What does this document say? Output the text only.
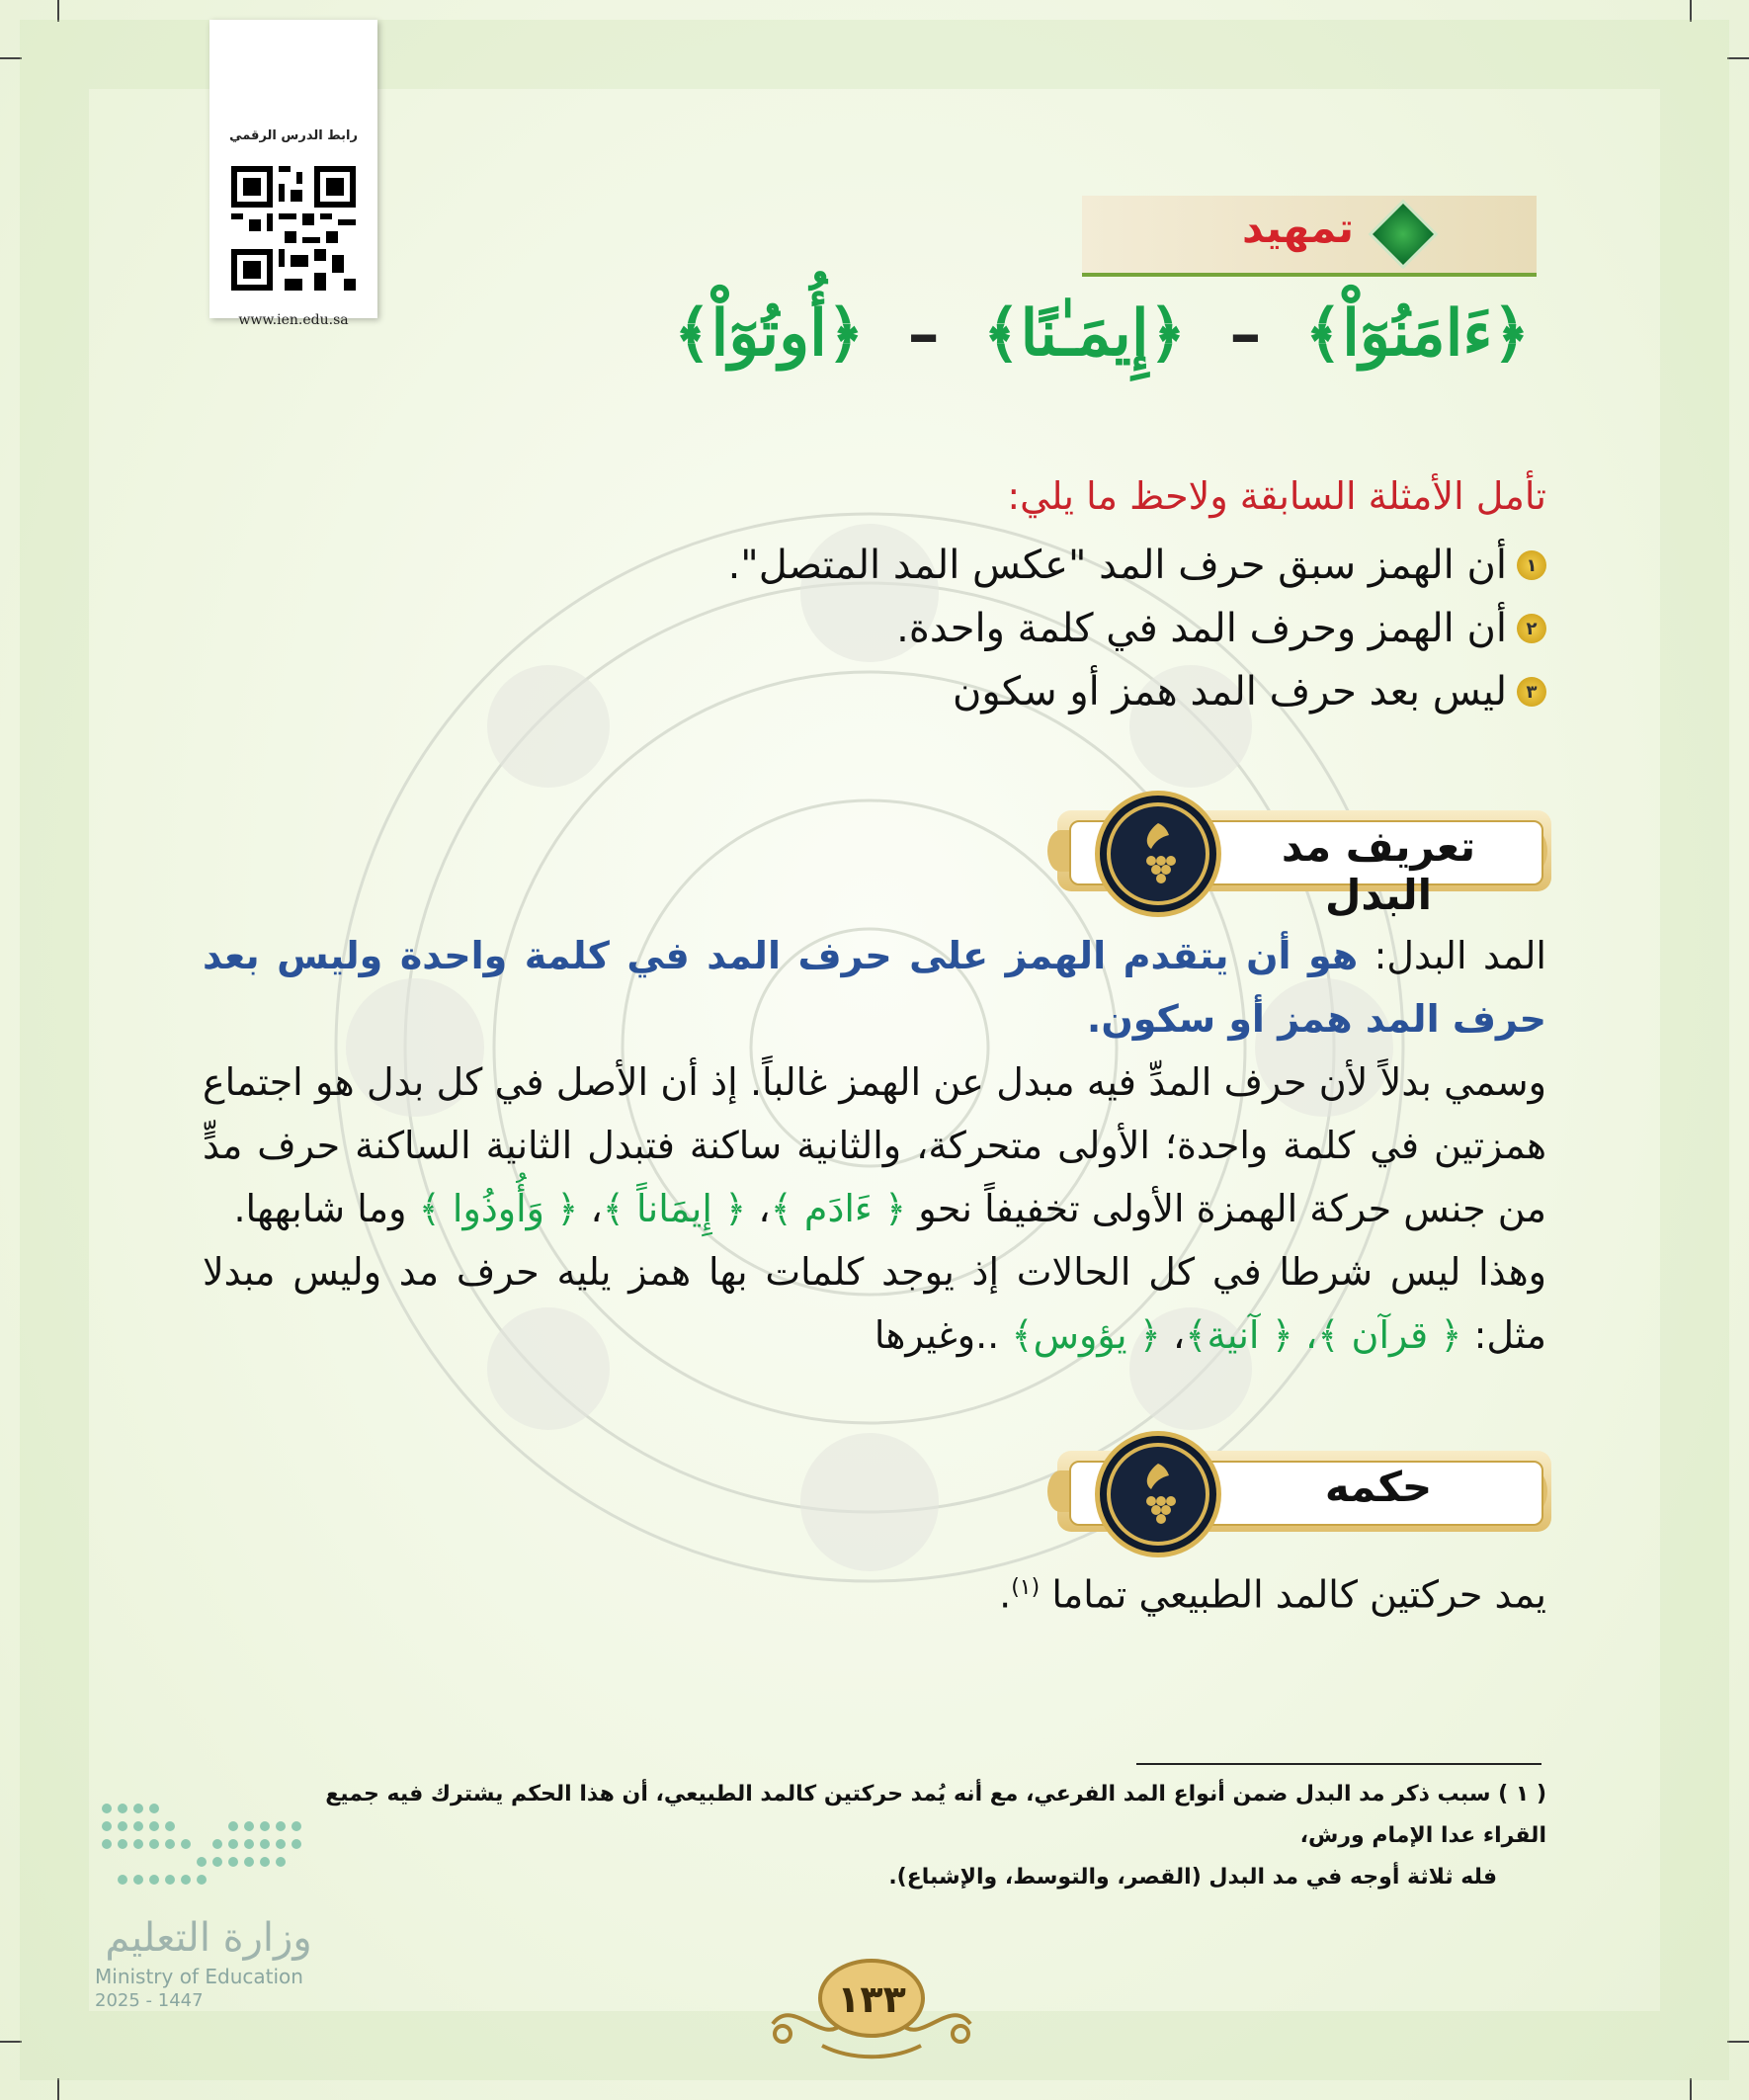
رابط الدرس الرقمي
www.ien.edu.sa
تمهيد
﴿ءَامَنُوٓاْ﴾ – ﴿إِيمَـٰنًا﴾ – ﴿أُوتُوٓاْ﴾
تأمل الأمثلة السابقة ولاحظ ما يلي:
١
أن الهمز سبق حرف المد "عكس المد المتصل".
٢
أن الهمز وحرف المد في كلمة واحدة.
٣
ليس بعد حرف المد همز أو سكون
تعريف مد البدل

المد البدل: هو أن يتقدم الهمز على حرف المد في كلمة واحدة وليس بعد حرف المد همز أو سكون.

وسمي بدلاً لأن حرف المدِّ فيه مبدل عن الهمز غالباً. إذ أن الأصل في كل بدل هو اجتماع همزتين في كلمة واحدة؛ الأولى متحركة، والثانية ساكنة فتبدل الثانية الساكنة حرف مدٍّ من جنس حركة الهمزة الأولى تخفيفاً نحو ﴿ ءَادَم ﴾، ﴿ إِيمَاناً ﴾، ﴿ وَأُوذُوا ﴾ وما شابهها.

وهذا ليس شرطا في كل الحالات إذ يوجد كلمات بها همز يليه حرف مد وليس مبدلا مثل: ﴿ قرآن ﴾، ﴿ آنية﴾، ﴿ يؤوس﴾ ..وغيرها

حكمه
يمد حركتين كالمد الطبيعي تماما $^{(١)}$.
( ١ ) سبب ذكر مد البدل ضمن أنواع المد الفرعي، مع أنه يُمد حركتين كالمد الطبيعي، أن هذا الحكم يشترك فيه جميع القراء عدا الإمام ورش،
فله ثلاثة أوجه في مد البدل (القصر، والتوسط، والإشباع).
١٣٣
وزارة التعليم
Ministry of Education
2025 - 1447
